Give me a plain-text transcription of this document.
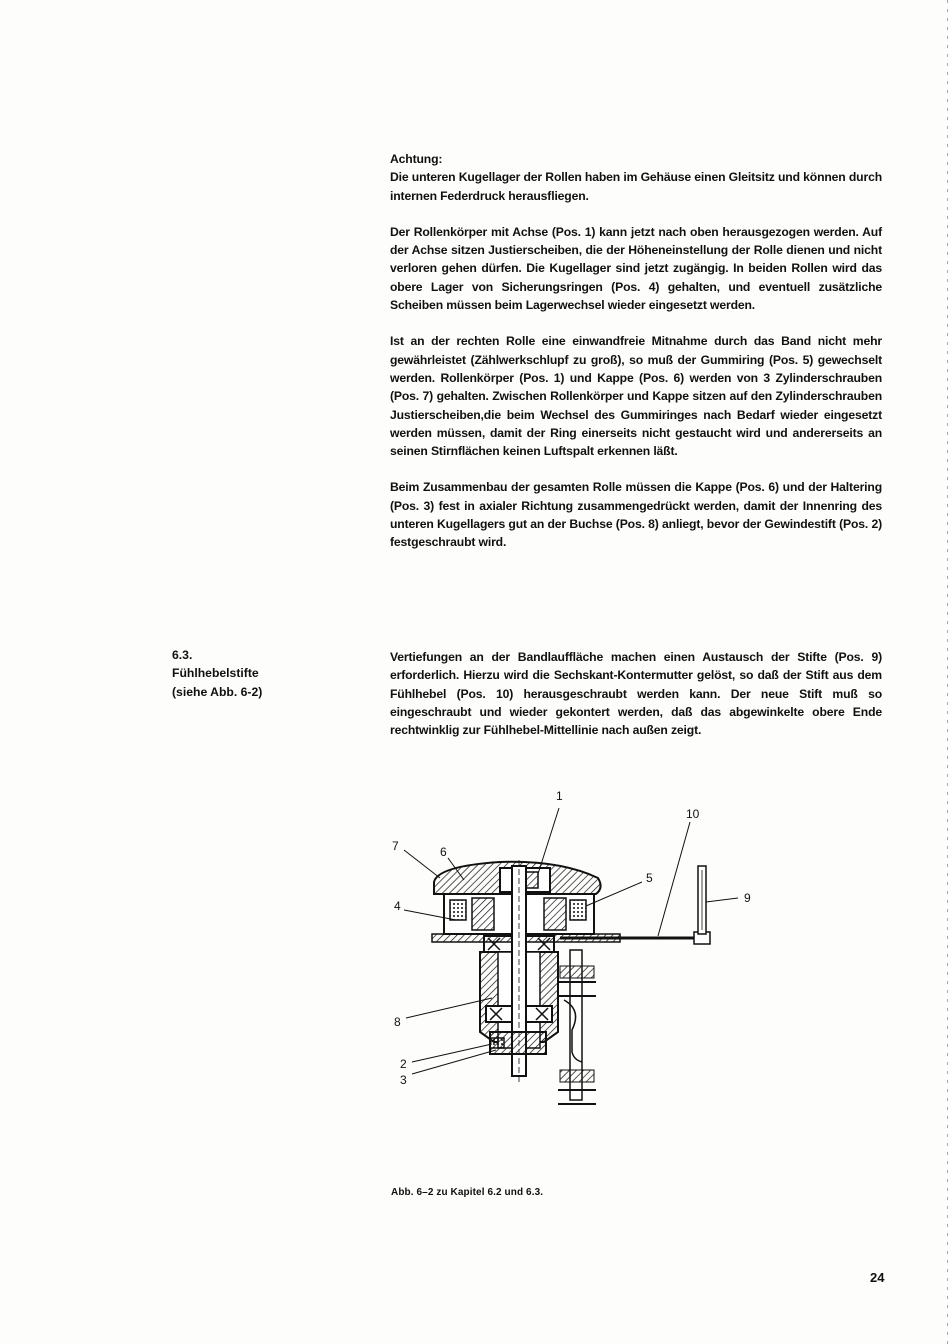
Achtung:
Die unteren Kugellager der Rollen haben im Gehäuse einen Gleitsitz und können durch internen Federdruck herausfliegen.

Der Rollenkörper mit Achse (Pos. 1) kann jetzt nach oben herausgezogen werden. Auf der Achse sitzen Justierscheiben, die der Höheneinstellung der Rolle dienen und nicht verloren gehen dürfen. Die Kugellager sind jetzt zugängig. In beiden Rollen wird das obere Lager von Sicherungsringen (Pos. 4) gehalten, und eventuell zusätzliche Scheiben müssen beim Lagerwechsel wieder eingesetzt werden.

Ist an der rechten Rolle eine einwandfreie Mitnahme durch das Band nicht mehr gewährleistet (Zählwerkschlupf zu groß), so muß der Gummiring (Pos. 5) gewechselt werden. Rollenkörper (Pos. 1) und Kappe (Pos. 6) werden von 3 Zylinderschrauben (Pos. 7) gehalten. Zwischen Rollenkörper und Kappe sitzen auf den Zylinderschrauben Justierscheiben,die beim Wechsel des Gummiringes nach Bedarf wieder eingesetzt werden müssen, damit der Ring einerseits nicht gestaucht wird und andererseits an seinen Stirnflächen keinen Luftspalt erkennen läßt.

Beim Zusammenbau der gesamten Rolle müssen die Kappe (Pos. 6) und der Haltering (Pos. 3) fest in axialer Richtung zusammengedrückt werden, damit der Innenring des unteren Kugellagers gut an der Buchse (Pos. 8) anliegt, bevor der Gewindestift (Pos. 2) festgeschraubt wird.

6.3.
Fühlhebelstifte
(siehe Abb. 6-2)

Vertiefungen an der Bandlauffläche machen einen Austausch der Stifte (Pos. 9) erforderlich. Hierzu wird die Sechskant-Kontermutter gelöst, so daß der Stift aus dem Fühlhebel (Pos. 10) herausgeschraubt werden kann. Der neue Stift muß so eingeschraubt und wieder gekontert werden, daß das abgewinkelte obere Ende rechtwinklig zur Fühlhebel-Mittellinie nach außen zeigt.

1
10
7	6
5
9
4
8
2
3
Abb. 6–2 zu Kapitel 6.2 und 6.3.
24
